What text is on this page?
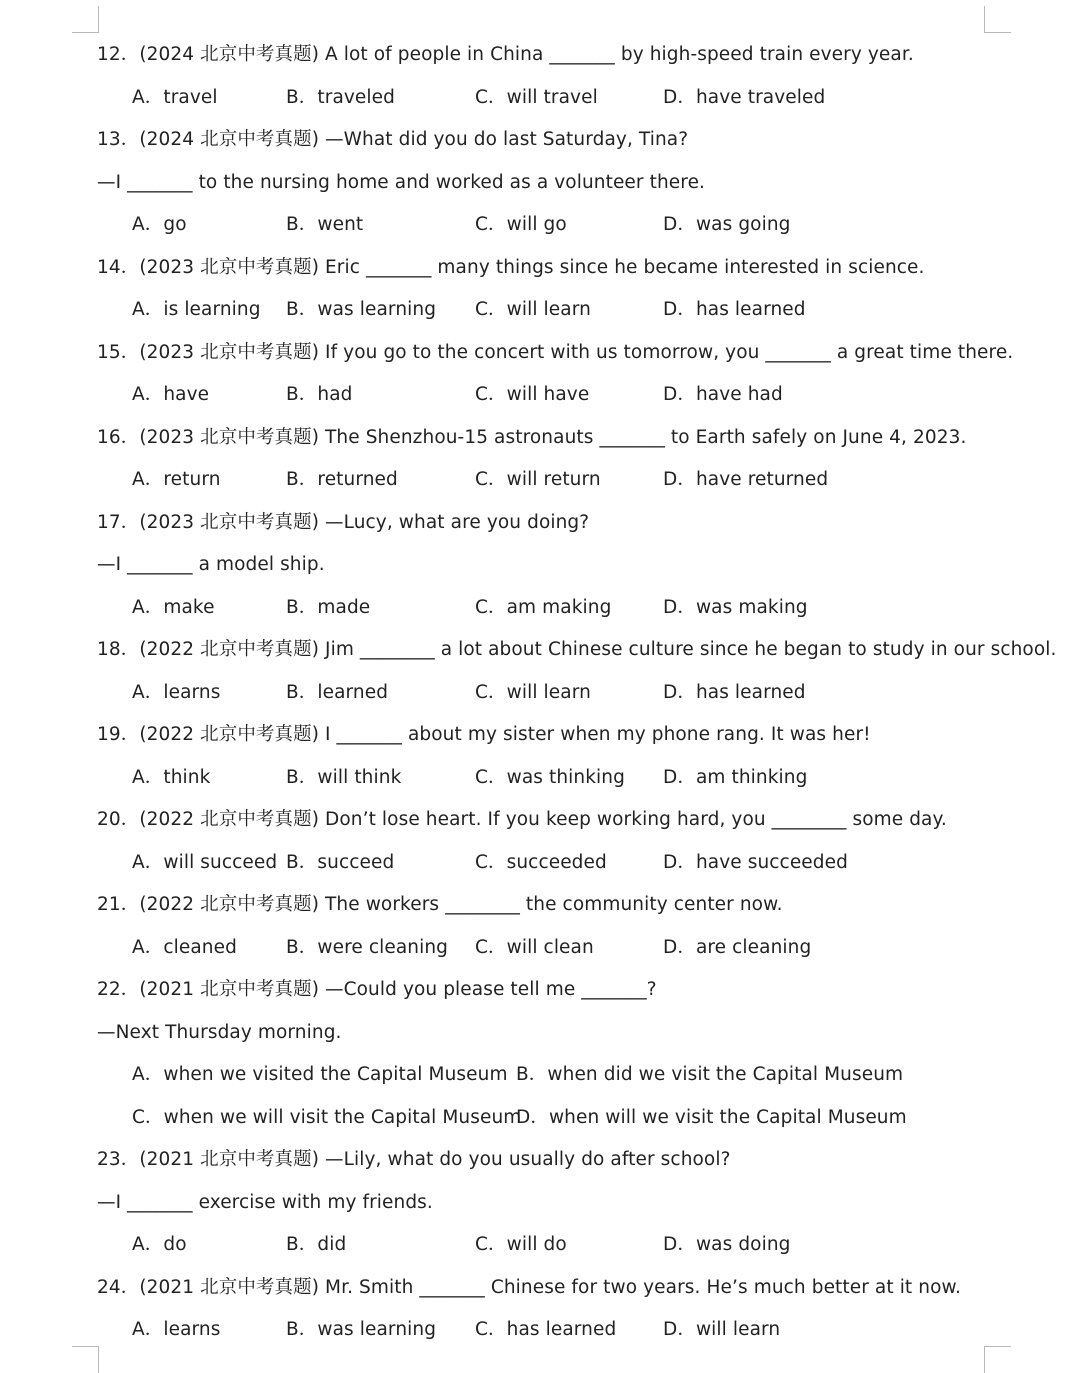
12．(2024 北京中考真题) A lot of people in China _______ by high-speed train every year.
A．travel	B．traveled	C．will travel	D．have traveled
13．(2024 北京中考真题) —What did you do last Saturday, Tina?
—I _______ to the nursing home and worked as a volunteer there.
A．go	B．went	C．will go	D．was going
14．(2023 北京中考真题) Eric _______ many things since he became interested in science.
A．is learning B．was learning C．will learn	D．has learned
15．(2023 北京中考真题) If you go to the concert with us tomorrow, you _______ a great time there.
A．have	B．had	C．will have	D．have had
16．(2023 北京中考真题) The Shenzhou-15 astronauts _______ to Earth safely on June 4, 2023.
A．return	B．returned	C．will return	D．have returned
17．(2023 北京中考真题) —Lucy, what are you doing?
—I _______ a model ship.
A．make	B．made	C．am making	D．was making
18．(2022 北京中考真题) Jim ________ a lot about Chinese culture since he began to study in our school.
A．learns	B．learned	C．will learn	D．has learned
19．(2022 北京中考真题) I _______ about my sister when my phone rang. It was her!
A．think	B．will think	C．was thinking D．am thinking
20．(2022 北京中考真题) Don’t lose heart. If you keep working hard, you ________ some day.
A．will succeed B．succeed	C．succeeded	D．have succeeded
21．(2022 北京中考真题) The workers ________ the community center now.
A．cleaned	B．were cleaning C．will clean	D．are cleaning
22．(2021 北京中考真题) —Could you please tell me _______?
—Next Thursday morning.
A．when we visited the Capital Museum B．when did we visit the Capital Museum
C．when we will visit the Capital Museum
D．when will we visit the Capital Museum
23．(2021 北京中考真题) —Lily, what do you usually do after school?
—I _______ exercise with my friends.
A．do	B．did	C．will do	D．was doing
24．(2021 北京中考真题) Mr. Smith _______ Chinese for two years. He’s much better at it now.
A．learns	B．was learning C．has learned	D．will learn
